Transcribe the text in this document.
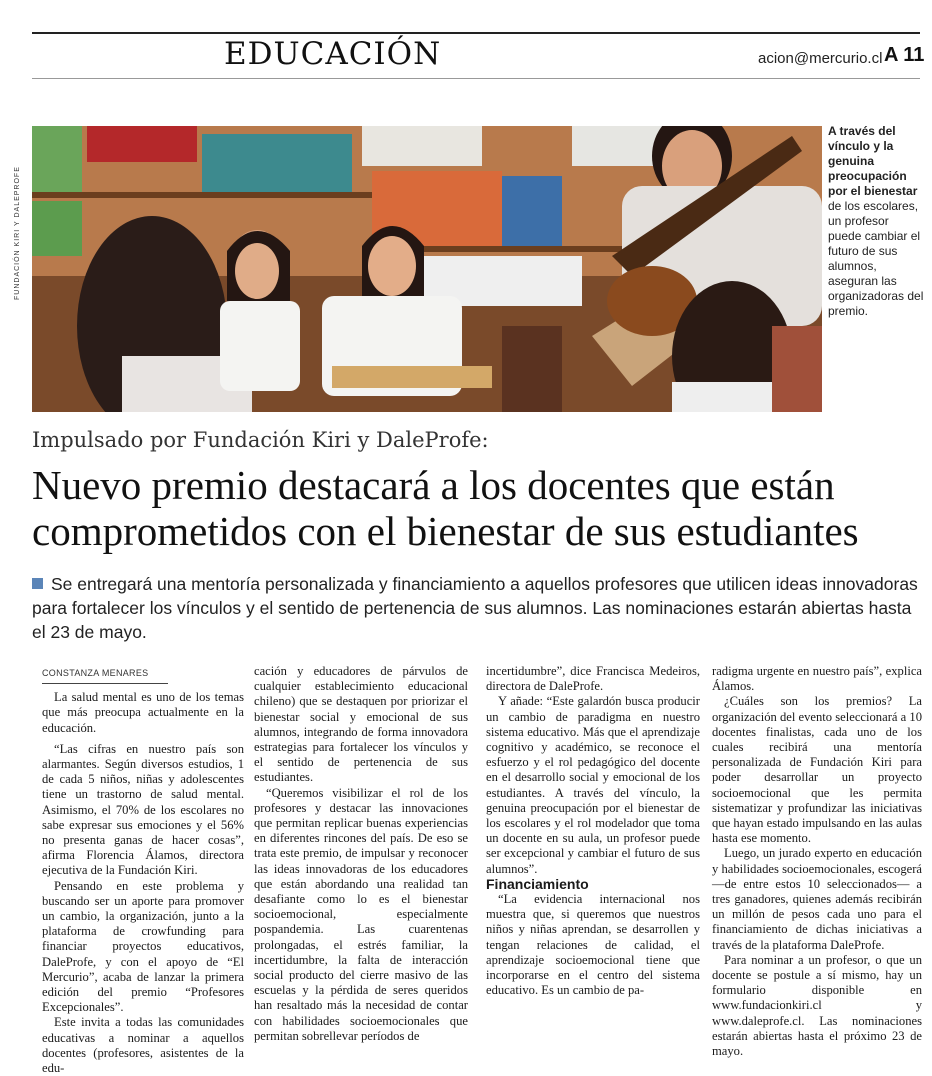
EDUCACIÓN	acion@mercurio.cl A 11
FUNDACIÓN KIRI Y DALEPROFE
A través del vínculo y la genuina preocupación por el bienestar de los escolares, un profesor puede cambiar el futuro de sus alumnos, aseguran las organizadoras del premio.
Impulsado por Fundación Kiri y DaleProfe:
Nuevo premio destacará a los docentes que están comprometidos con el bienestar de sus estudiantes

Se entregará una mentoría personalizada y financiamiento a aquellos profesores que utilicen ideas innovadoras para fortalecer los vínculos y el sentido de pertenencia de sus alumnos. Las nominaciones estarán abiertas hasta el 23 de mayo.

CONSTANZA MENARES

La salud mental es uno de los temas que más preocupa actualmente en la educación.

“Las cifras en nuestro país son alarmantes. Según diversos estudios, 1 de cada 5 niños, niñas y adolescentes tiene un trastorno de salud mental. Asimismo, el 70% de los escolares no sabe expresar sus emociones y el 56% no presenta ganas de hacer cosas”, afirma Florencia Álamos, directora ejecutiva de la Fundación Kiri.

Pensando en este problema y buscando ser un aporte para promover un cambio, la organización, junto a la plataforma de crowfunding para financiar proyectos educativos, DaleProfe, y con el apoyo de “El Mercurio”, acaba de lanzar la primera edición del premio “Profesores Excepcionales”.

Este invita a todas las comunidades educativas a nominar a aquellos docentes (profesores, asistentes de la edu-

cación y educadores de párvulos de cualquier establecimiento educacional chileno) que se destaquen por priorizar el bienestar social y emocional de sus alumnos, integrando de forma innovadora estrategias para fortalecer los vínculos y el sentido de pertenencia de sus estudiantes.

“Queremos visibilizar el rol de los profesores y destacar las innovaciones que permitan replicar buenas experiencias en diferentes rincones del país. De eso se trata este premio, de impulsar y reconocer las ideas innovadoras de los educadores que están abordando una realidad tan desafiante como lo es el bienestar socioemocional, especialmente pospandemia. Las cuarentenas prolongadas, el estrés familiar, la incertidumbre, la falta de interacción social producto del cierre masivo de las escuelas y la pérdida de seres queridos han resaltado más la necesidad de contar con habilidades socioemocionales que permitan sobrellevar períodos de

incertidumbre”, dice Francisca Medeiros, directora de DaleProfe.

Y añade: “Este galardón busca producir un cambio de paradigma en nuestro sistema educativo. Más que el aprendizaje cognitivo y académico, se reconoce el esfuerzo y el rol pedagógico del docente en el desarrollo social y emocional de los estudiantes. A través del vínculo, la genuina preocupación por el bienestar de los escolares y el rol modelador que toma un docente en su aula, un profesor puede ser excepcional y cambiar el futuro de sus alumnos”.

Financiamiento

“La evidencia internacional nos muestra que, si queremos que nuestros niños y niñas aprendan, se desarrollen y tengan relaciones de calidad, el aprendizaje socioemocional tiene que incorporarse en el centro del sistema educativo. Es un cambio de pa-

radigma urgente en nuestro país”, explica Álamos.

¿Cuáles son los premios? La organización del evento seleccionará a 10 docentes finalistas, cada uno de los cuales recibirá una mentoría personalizada de Fundación Kiri para poder desarrollar un proyecto socioemocional que les permita sistematizar y profundizar las iniciativas que hayan estado impulsando en las aulas hasta ese momento.

Luego, un jurado experto en educación y habilidades socioemocionales, escogerá —de entre estos 10 seleccionados— a tres ganadores, quienes además recibirán un millón de pesos cada uno para el financiamiento de dichas iniciativas a través de la plataforma DaleProfe.

Para nominar a un profesor, o que un docente se postule a sí mismo, hay un formulario disponible en www.fundacionkiri.cl y www.daleprofe.cl. Las nominaciones estarán abiertas hasta el próximo 23 de mayo.
